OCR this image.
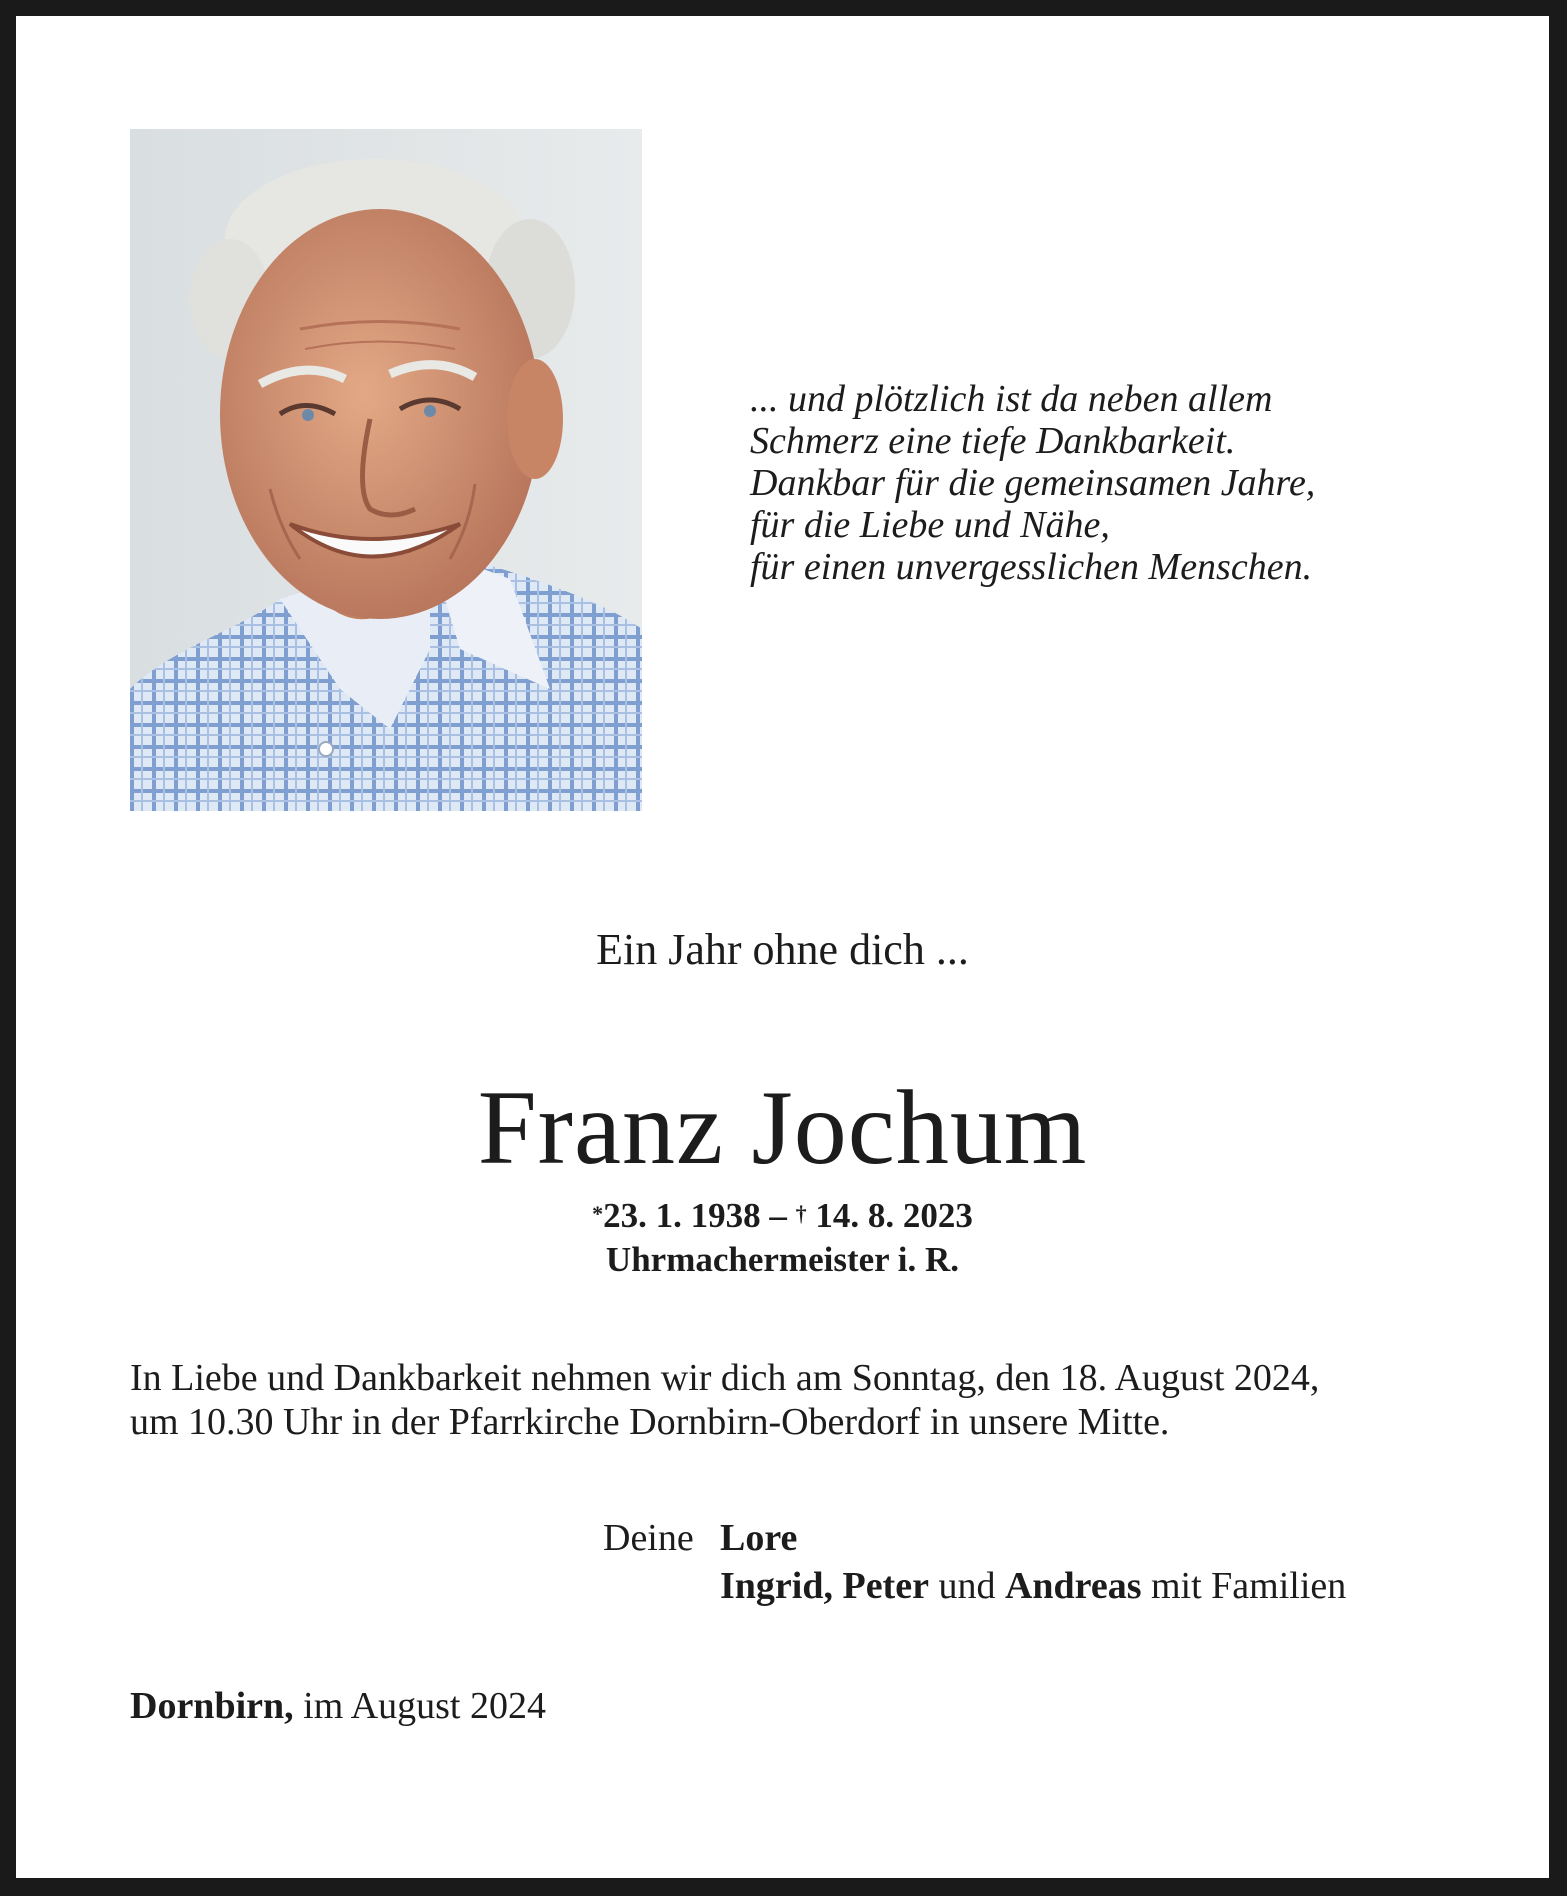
... und plötzlich ist da neben allem
Schmerz eine tiefe Dankbarkeit.
Dankbar für die gemeinsamen Jahre,
für die Liebe und Nähe,
für einen unvergesslichen Menschen.
Ein Jahr ohne dich ...
Franz Jochum
*23. 1. 1938 – † 14. 8. 2023
Uhrmachermeister i. R.
In Liebe und Dankbarkeit nehmen wir dich am Sonntag, den 18. August 2024,
um 10.30 Uhr in der Pfarrkirche Dornbirn-Oberdorf in unsere Mitte.
Deine Lore
Ingrid, Peter und Andreas mit Familien
Dornbirn, im August 2024
